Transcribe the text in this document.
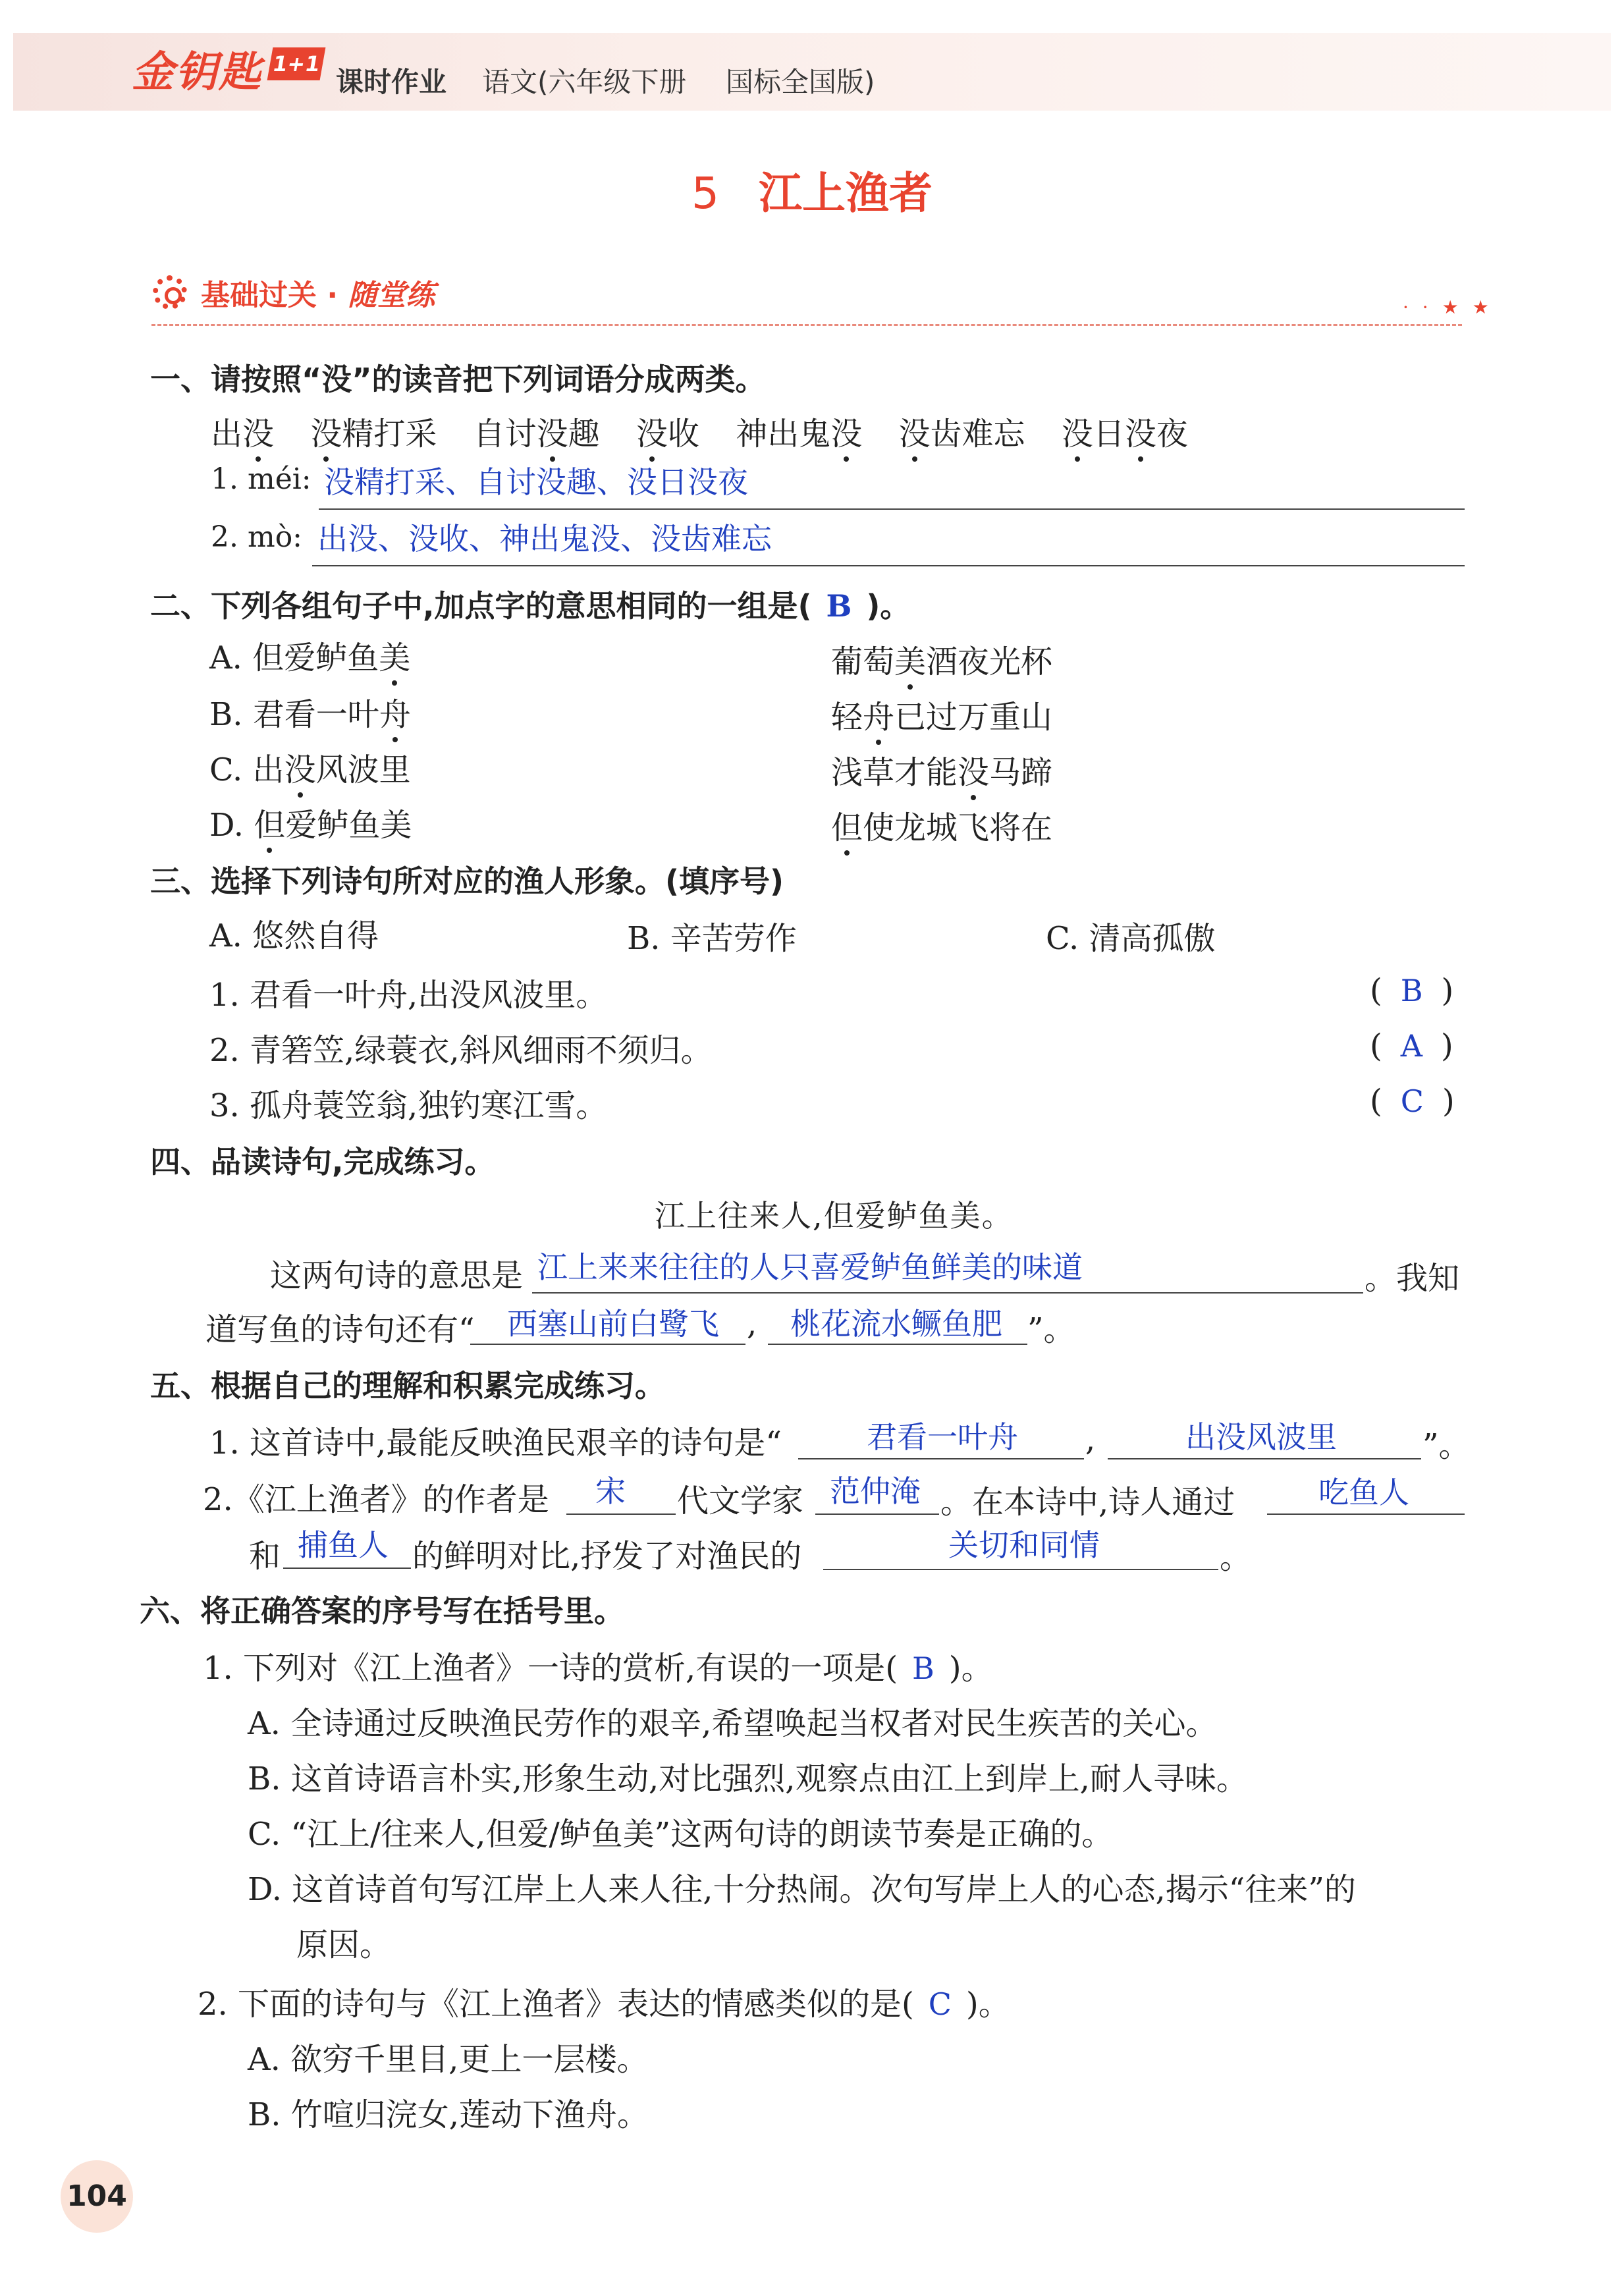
金钥匙 1+1
课时作业 语文(六年级下册 国标全国版)
5 江上渔者
基础过关 · 随堂练	· · ★ ★
一、请按照“没”的读音把下列词语分成两类。
出没 没精打采 自讨没趣 没收 神出鬼没 没齿难忘 没日没夜
1. méi: 没精打采、自讨没趣、没日没夜
2. mò: 出没、没收、神出鬼没、没齿难忘
二、下列各组句子中,加点字的意思相同的一组是( B )。
A. 但爱鲈鱼美	葡萄美酒夜光杯
B. 君看一叶舟	轻舟已过万重山
C. 出没风波里	浅草才能没马蹄
D. 但爱鲈鱼美	但使龙城飞将在
三、选择下列诗句所对应的渔人形象。(填序号)
A. 悠然自得	B. 辛苦劳作	C. 清高孤傲
1. 君看一叶舟,出没风波里。	( B )
2. 青箬笠,绿蓑衣,斜风细雨不须归。	( A )
3. 孤舟蓑笠翁,独钓寒江雪。	( C )
四、品读诗句,完成练习。
江上往来人,但爱鲈鱼美。
这两句诗的意思是 江上来来往往的人只喜爱鲈鱼鲜美的味道	。我知
道写鱼的诗句还有“ 西塞山前白鹭飞 , 桃花流水鳜鱼肥 ”。
五、根据自己的理解和积累完成练习。
1. 这首诗中,最能反映渔民艰辛的诗句是“	君看一叶舟 ,	出没风波里	”。
2.《江上渔者》的作者是 宋 代文学家 范仲淹 。在本诗中,诗人通过	吃鱼人
和 捕鱼人 的鲜明对比,抒发了对渔民的	关切和同情	。
六、将正确答案的序号写在括号里。
1. 下列对《江上渔者》一诗的赏析,有误的一项是( B )。
A. 全诗通过反映渔民劳作的艰辛,希望唤起当权者对民生疾苦的关心。
B. 这首诗语言朴实,形象生动,对比强烈,观察点由江上到岸上,耐人寻味。
C. “江上/往来人,但爱/鲈鱼美”这两句诗的朗读节奏是正确的。
D. 这首诗首句写江岸上人来人往,十分热闹。次句写岸上人的心态,揭示“往来”的
原因。
2. 下面的诗句与《江上渔者》表达的情感类似的是( C )。
A. 欲穷千里目,更上一层楼。
B. 竹喧归浣女,莲动下渔舟。
104
